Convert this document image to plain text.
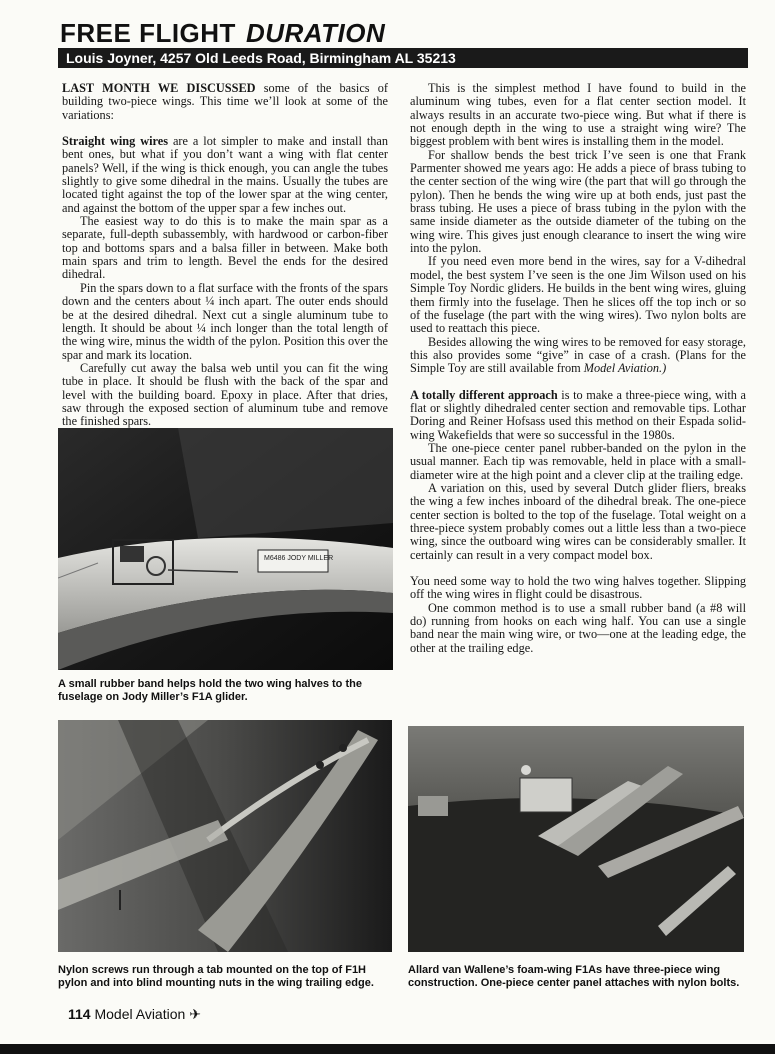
FREE FLIGHT DURATION
Louis Joyner, 4257 Old Leeds Road, Birmingham AL 35213

LAST MONTH WE DISCUSSED some of the basics of building two-piece wings. This time we’ll look at some of the variations:

Straight wing wires are a lot simpler to make and install than bent ones, but what if you don’t want a wing with flat center panels? Well, if the wing is thick enough, you can angle the tubes slightly to give some dihedral in the mains. Usually the tubes are located tight against the top of the lower spar at the wing center, and against the bottom of the upper spar a few inches out.

The easiest way to do this is to make the main spar as a separate, full-depth subassembly, with hardwood or carbon-fiber top and bottoms spars and a balsa filler in between. Make both main spars and trim to length. Bevel the ends for the desired dihedral.

Pin the spars down to a flat surface with the fronts of the spars down and the centers about ¼ inch apart. The outer ends should be at the desired dihedral. Next cut a single aluminum tube to length. It should be about ¼ inch longer than the total length of the wing wire, minus the width of the pylon. Position this over the spar and mark its location.

Carefully cut away the balsa web until you can fit the wing tube in place. It should be flush with the back of the spar and level with the building board. Epoxy in place. After that dries, saw through the exposed section of aluminum tube and remove the finished spars.

This is the simplest method I have found to build in the aluminum wing tubes, even for a flat center section model. It always results in an accurate two-piece wing. But what if there is not enough depth in the wing to use a straight wing wire? The biggest problem with bent wires is installing them in the model.

For shallow bends the best trick I’ve seen is one that Frank Parmenter showed me years ago: He adds a piece of brass tubing to the center section of the wing wire (the part that will go through the pylon). Then he bends the wing wire up at both ends, just past the brass tubing. He uses a piece of brass tubing in the pylon with the same inside diameter as the outside diameter of the tubing on the wing wire. This gives just enough clearance to insert the wing wire into the pylon.

If you need even more bend in the wires, say for a V-dihedral model, the best system I’ve seen is the one Jim Wilson used on his Simple Toy Nordic gliders. He builds in the bent wing wires, gluing them firmly into the fuselage. Then he slices off the top inch or so of the fuselage (the part with the wing wires). Two nylon bolts are used to reattach this piece.

Besides allowing the wing wires to be removed for easy storage, this also provides some “give” in case of a crash. (Plans for the Simple Toy are still available from Model Aviation.)

A totally different approach is to make a three-piece wing, with a flat or slightly dihedraled center section and removable tips. Lothar Doring and Reiner Hofsass used this method on their Espada solid-wing Wakefields that were so successful in the 1980s.

The one-piece center panel rubber-banded on the pylon in the usual manner. Each tip was removable, held in place with a small-diameter wire at the high point and a clever clip at the trailing edge.

A variation on this, used by several Dutch glider fliers, breaks the wing a few inches inboard of the dihedral break. The one-piece center section is bolted to the top of the fuselage. Total weight on a three-piece system probably comes out a little less than a two-piece wing, since the outboard wing wires can be considerably smaller. It certainly can result in a very compact model box.

You need some way to hold the two wing halves together. Slipping off the wing wires in flight could be disastrous.

One common method is to use a small rubber band (a #8 will do) running from hooks on each wing half. You can use a single band near the main wing wire, or two—one at the leading edge, the other at the trailing edge.

M6486 JODY MILLER
A small rubber band helps hold the two wing halves to the fuselage on Jody Miller’s F1A glider.
Nylon screws run through a tab mounted on the top of F1H pylon and into blind mounting nuts in the wing trailing edge.
Allard van Wallene’s foam-wing F1As have three-piece wing construction. One-piece center panel attaches with nylon bolts.
114 Model Aviation ✈
